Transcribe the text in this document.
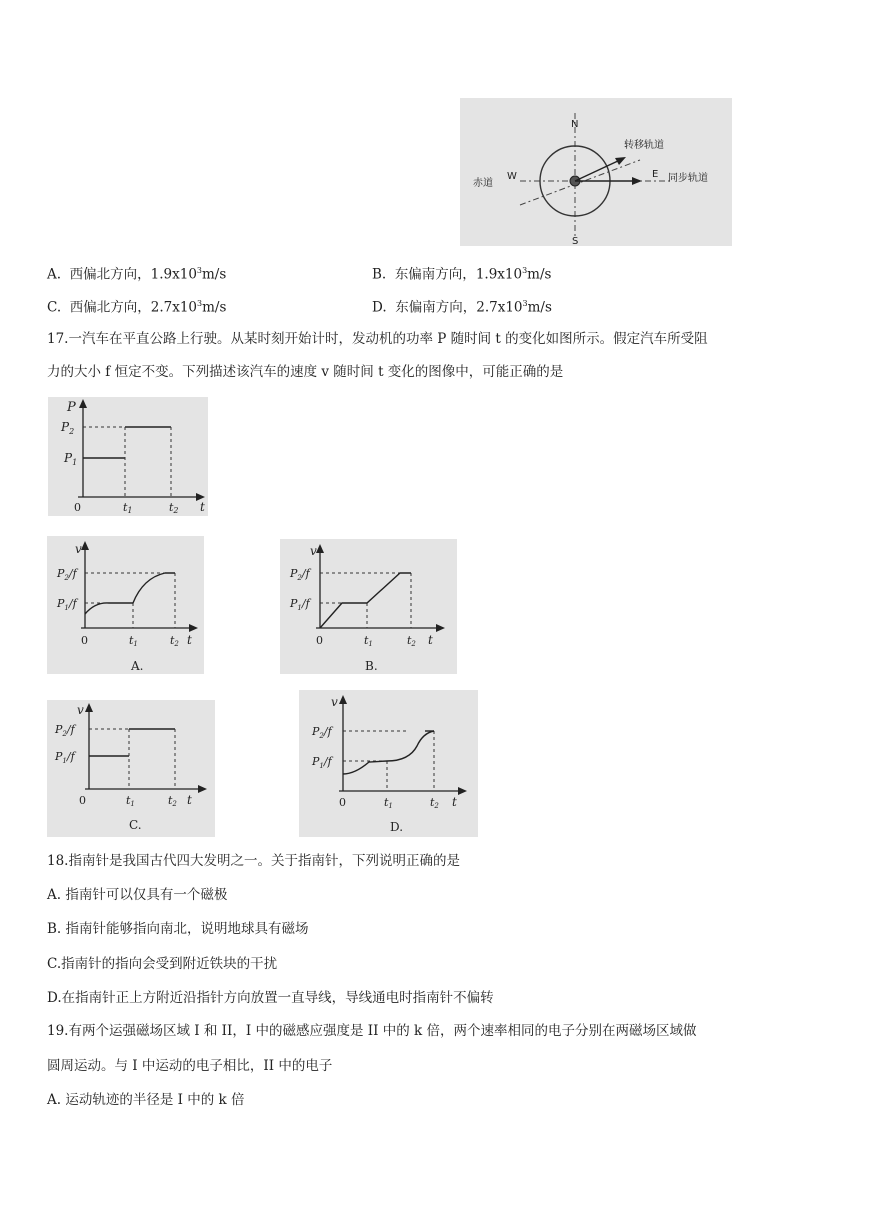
N
S
E
W
赤道
转移轨道
同步轨道
A. 西偏北方向，$1.9x10^3m/s$	B. 东偏南方向，$1.9x10^3m/s$
C. 西偏北方向，$2.7x10^3m/s$	D. 东偏南方向，$2.7x10^3m/s$
17.一汽车在平直公路上行驶。从某时刻开始计时，发动机的功率 P 随时间 t 的变化如图所示。假定汽车所受阻
力的大小 f 恒定不变。下列描述该汽车的速度 v 随时间 t 变化的图像中，可能正确的是
P
$P_2$
$P_1$
0	t1	t2 t
v
$P_2/f$
$P_1/f$
0	t1	t2 t
A.
v
$P_2/f$
$P_1/f$
0	t1	t2 t
B.
v
$P_2/f$
$P_1/f$
0	t1	t2 t
C.
v
$P_2/f$
$P_1/f$
0	t1	t2 t
D.
18.指南针是我国古代四大发明之一。关于指南针，下列说明正确的是
A. 指南针可以仅具有一个磁极
B. 指南针能够指向南北，说明地球具有磁场
C.指南针的指向会受到附近铁块的干扰
D.在指南针正上方附近沿指针方向放置一直导线，导线通电时指南针不偏转
19.有两个运强磁场区域 I 和 II，I 中的磁感应强度是 II 中的 k 倍，两个速率相同的电子分别在两磁场区域做
圆周运动。与 I 中运动的电子相比，II 中的电子
A. 运动轨迹的半径是 I 中的 k 倍
